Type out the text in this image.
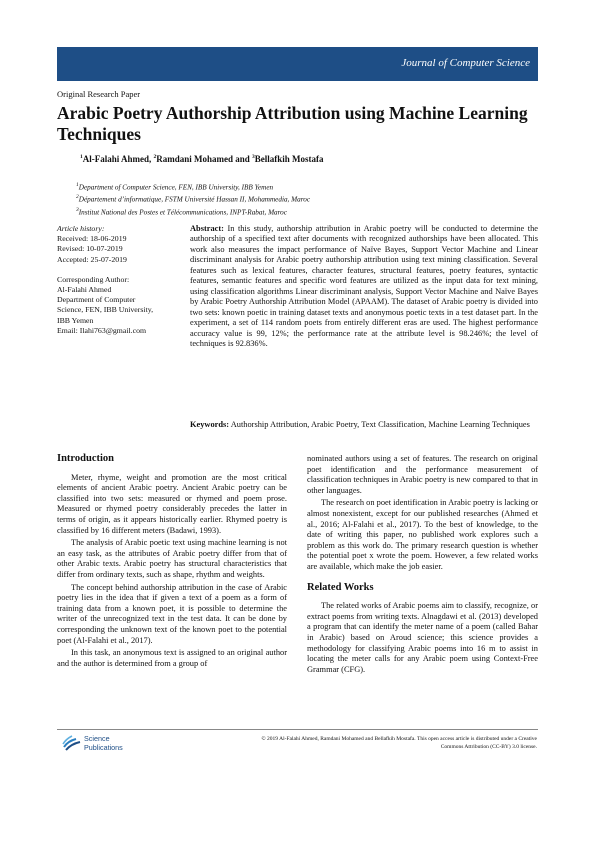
Journal of Computer Science
Original Research Paper
Arabic Poetry Authorship Attribution using Machine Learning Techniques
$^1$Al-Falahi Ahmed, $^2$Ramdani Mohamed and $^3$Bellafkih Mostafa
$^1$Department of Computer Science, FEN, IBB University, IBB Yemen
$^2$Département d’informatique, FSTM Université Hassan II, Mohammedia, Maroc
$^3$Institut National des Postes et Télécommunications, INPT-Rabat, Maroc
Article history:
Received: 18-06-2019
Revised: 10-07-2019
Accepted: 25-07-2019
Corresponding Author:
Al-Falahi Ahmed
Department of Computer
Science, FEN, IBB University,
IBB Yemen
Email: Ilahi763@gmail.com
Abstract: In this study, authorship attribution in Arabic poetry will be conducted to determine the authorship of a specified text after documents with recognized authorships have been allocated. This work also measures the impact performance of Naïve Bayes, Support Vector Machine and Linear discriminant analysis for Arabic poetry authorship attribution using text mining classification. Several features such as lexical features, character features, structural features, poetry features, syntactic features, semantic features and specific word features are utilized as the input data for text mining, using classification algorithms Linear discriminant analysis, Support Vector Machine and Naïve Bayes by Arabic Poetry Authorship Attribution Model (APAAM). The dataset of Arabic poetry is divided into two sets: known poetic in training dataset texts and anonymous poetic texts in a test dataset part. In the experiment, a set of 114 random poets from entirely different eras are used. The highest performance accuracy value is 99, 12%; the performance rate at the attribute level is 98.246%; the level of techniques is 92.836%.
Keywords: Authorship Attribution, Arabic Poetry, Text Classification, Machine Learning Techniques
Introduction

Meter, rhyme, weight and promotion are the most critical elements of ancient Arabic poetry. Ancient Arabic poetry can be classified into two sets: measured or rhymed and poem prose. Measured or rhymed poetry considerably precedes the latter in terms of origin, as it appears historically earlier. Rhymed poetry is classified by 16 different meters (Badawi, 1993).

The analysis of Arabic poetic text using machine learning is not an easy task, as the attributes of Arabic poetry differ from that of other Arabic texts. Arabic poetry has structural characteristics that differ from ordinary texts, such as shape, rhythm and weights.

The concept behind authorship attribution in the case of Arabic poetry lies in the idea that if given a text of a poem as a form of training data from a known poet, it is possible to determine the writer of the unrecognized text in the test data. It can be done by corresponding the unknown text of the known poet to the potential poet (Al-Falahi et al., 2017).

In this task, an anonymous text is assigned to an original author and the author is determined from a group of

nominated authors using a set of features. The research on original poet identification and the performance measurement of classification techniques in Arabic poetry is new compared to that in other languages.

The research on poet identification in Arabic poetry is lacking or almost nonexistent, except for our published researches (Ahmed et al., 2016; Al-Falahi et al., 2017). To the best of knowledge, to the date of writing this paper, no published work explores such a problem as this work do. The primary research question is whether the potential poet x wrote the poem. However, a few related works are available, which make the job easier.

Related Works

The related works of Arabic poems aim to classify, recognize, or extract poems from writing texts. Alnagdawi et al. (2013) developed a program that can identify the meter name of a poem (called Bahar in Arabic) based on Aroud science; this science provides a methodology for classifying Arabic poems into 16 m to assist in locating the meter calls for any Arabic poem using Context-Free Grammar (CFG).

Science
Publications
© 2019 Al-Falahi Ahmed, Ramdani Mohamed and Bellafkih Mostafa. This open access article is distributed under a Creative
Commons Attribution (CC-BY) 3.0 license.
